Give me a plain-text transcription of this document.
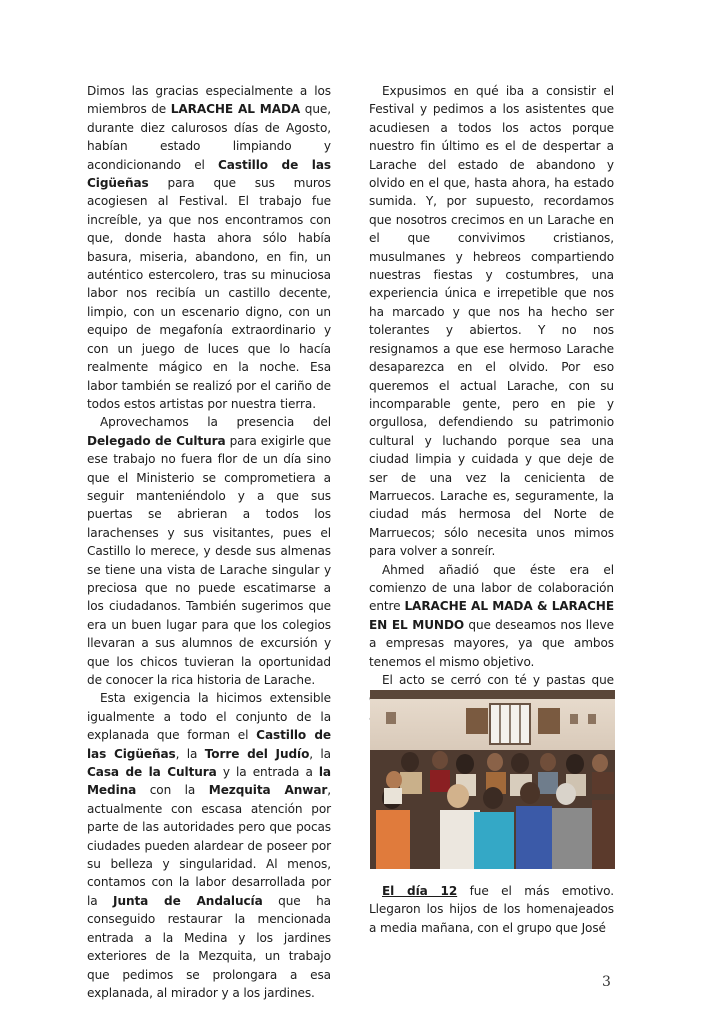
Dimos las gracias especialmente a los miembros de LARACHE AL MADA que, durante diez calurosos días de Agosto, habían estado limpiando y acondicionando el Castillo de las Cigüeñas para que sus muros acogiesen al Festival. El trabajo fue increíble, ya que nos encontramos con que, donde hasta ahora sólo había basura, miseria, abandono, en fin, un auténtico estercolero, tras su minuciosa labor nos recibía un castillo decente, limpio, con un escenario digno, con un equipo de megafonía extraordinario y con un juego de luces que lo hacía realmente mágico en la noche. Esa labor también se realizó por el cariño de todos estos artistas por nuestra tierra.

Aprovechamos la presencia del Delegado de Cultura para exigirle que ese trabajo no fuera flor de un día sino que el Ministerio se comprometiera a seguir manteniéndolo y a que sus puertas se abrieran a todos los larachenses y sus visitantes, pues el Castillo lo merece, y desde sus almenas se tiene una vista de Larache singular y preciosa que no puede escatimarse a los ciudadanos. También sugerimos que era un buen lugar para que los colegios llevaran a sus alumnos de excursión y que los chicos tuvieran la oportunidad de conocer la rica historia de Larache.

Esta exigencia la hicimos extensible igualmente a todo el conjunto de la explanada que forman el Castillo de las Cigüeñas, la Torre del Judío, la Casa de la Cultura y la entrada a la Medina con la Mezquita Anwar, actualmente con escasa atención por parte de las autoridades pero que pocas ciudades pueden alardear de poseer por su belleza y singularidad. Al menos, contamos con la labor desarrollada por la Junta de Andalucía que ha conseguido restaurar la mencionada entrada a la Medina y los jardines exteriores de la Mezquita, un trabajo que pedimos se prolongara a esa explanada, al mirador y a los jardines.

Expusimos en qué iba a consistir el Festival y pedimos a los asistentes que acudiesen a todos los actos porque nuestro fin último es el de despertar a Larache del estado de abandono y olvido en el que, hasta ahora, ha estado sumida. Y, por supuesto, recordamos que nosotros crecimos en un Larache en el que convivimos cristianos, musulmanes y hebreos compartiendo nuestras fiestas y costumbres, una experiencia única e irrepetible que nos ha marcado y que nos ha hecho ser tolerantes y abiertos. Y no nos resignamos a que ese hermoso Larache desaparezca en el olvido. Por eso queremos el actual Larache, con su incomparable gente, pero en pie y orgullosa, defendiendo su patrimonio cultural y luchando porque sea una ciudad limpia y cuidada y que deje de ser de una vez la cenicienta de Marruecos. Larache es, seguramente, la ciudad más hermosa del Norte de Marruecos; sólo necesita unos mimos para volver a sonreír.

Ahmed añadió que éste era el comienzo de una labor de colaboración entre LARACHE AL MADA & LARACHE EN EL MUNDO que deseamos nos lleve a empresas mayores, ya que ambos tenemos el mismo objetivo.

El acto se cerró con té y pastas que

El día 12 fue el más emotivo. Llegaron los hijos de los homenajeados a media mañana, con el grupo que José

3
